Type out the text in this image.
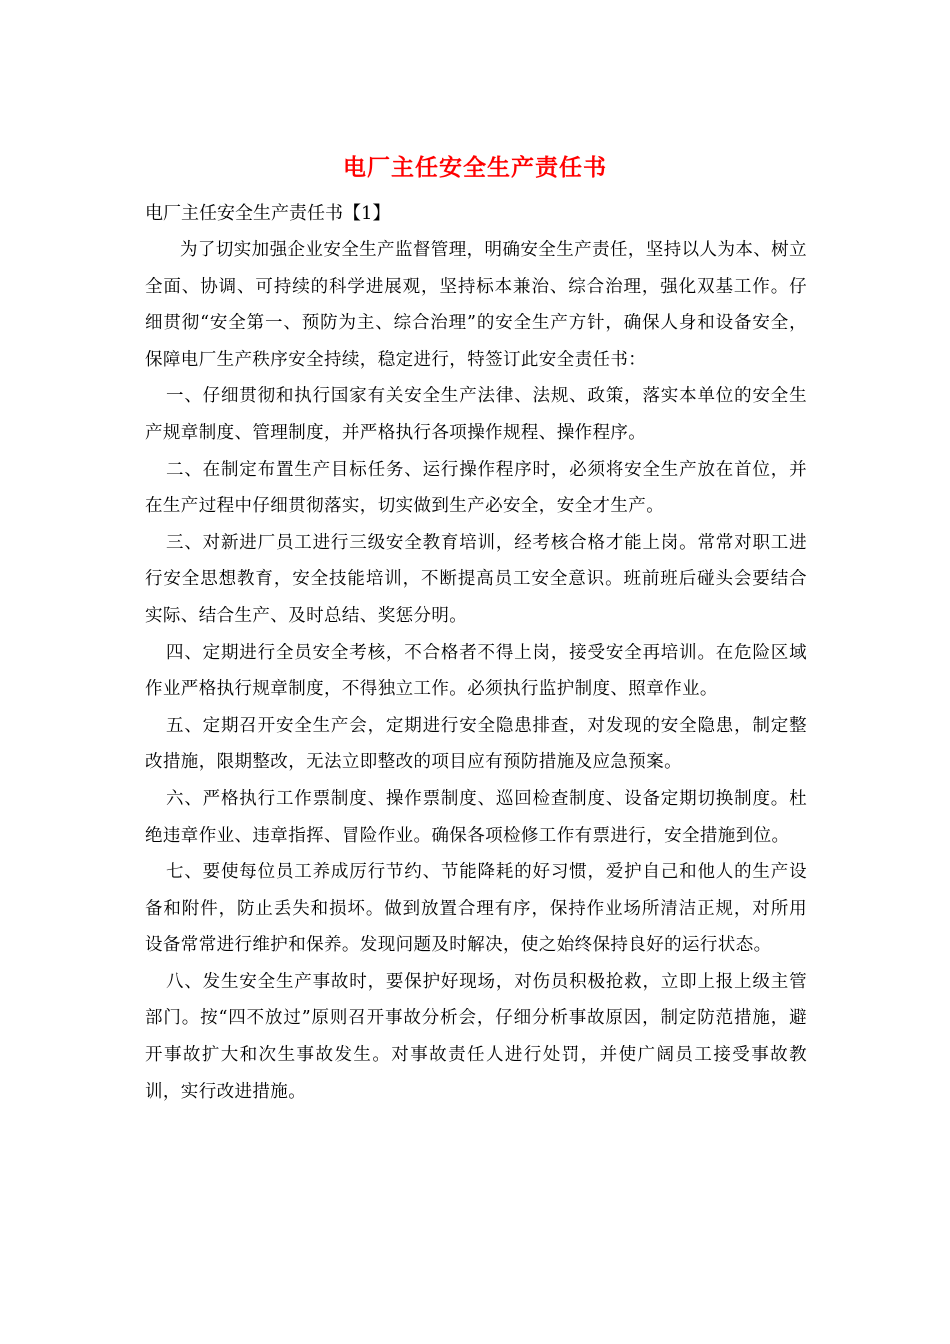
电厂主任安全生产责任书
电厂主任安全生产责任书【1】

为了切实加强企业安全生产监督管理，明确安全生产责任，坚持以人为本、树立全面、协调、可持续的科学进展观，坚持标本兼治、综合治理，强化双基工作。仔细贯彻“安全第一、预防为主、综合治理”的安全生产方针，确保人身和设备安全，保障电厂生产秩序安全持续，稳定进行，特签订此安全责任书：

一、仔细贯彻和执行国家有关安全生产法律、法规、政策，落实本单位的安全生产规章制度、管理制度，并严格执行各项操作规程、操作程序。

二、在制定布置生产目标任务、运行操作程序时，必须将安全生产放在首位，并在生产过程中仔细贯彻落实，切实做到生产必安全，安全才生产。

三、对新进厂员工进行三级安全教育培训，经考核合格才能上岗。常常对职工进行安全思想教育，安全技能培训，不断提高员工安全意识。班前班后碰头会要结合实际、结合生产、及时总结、奖惩分明。

四、定期进行全员安全考核，不合格者不得上岗，接受安全再培训。在危险区域作业严格执行规章制度，不得独立工作。必须执行监护制度、照章作业。

五、定期召开安全生产会，定期进行安全隐患排查，对发现的安全隐患，制定整改措施，限期整改，无法立即整改的项目应有预防措施及应急预案。

六、严格执行工作票制度、操作票制度、巡回检查制度、设备定期切换制度。杜绝违章作业、违章指挥、冒险作业。确保各项检修工作有票进行，安全措施到位。

七、要使每位员工养成厉行节约、节能降耗的好习惯，爱护自己和他人的生产设备和附件，防止丢失和损坏。做到放置合理有序，保持作业场所清洁正规，对所用设备常常进行维护和保养。发现问题及时解决，使之始终保持良好的运行状态。

八、发生安全生产事故时，要保护好现场，对伤员积极抢救，立即上报上级主管部门。按“四不放过”原则召开事故分析会，仔细分析事故原因，制定防范措施，避开事故扩大和次生事故发生。对事故责任人进行处罚，并使广阔员工接受事故教训，实行改进措施。
